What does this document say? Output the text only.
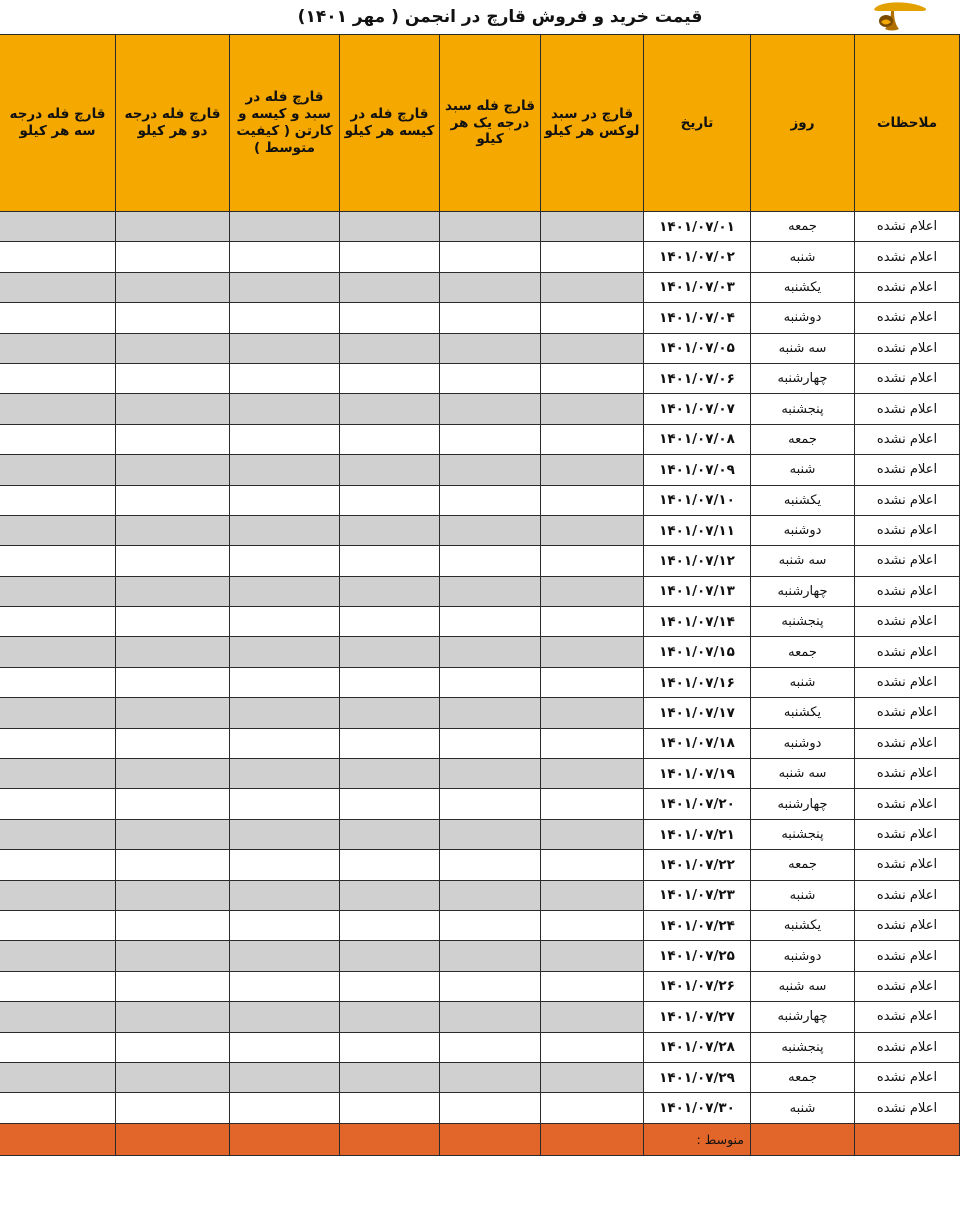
قیمت خرید و فروش قارچ در انجمن ( مهر ۱۴۰۱)
ملاحظات	روز	تاریخ	قارچ در سبد لوکس هر کیلو	قارچ فله سبد درجه یک هر کیلو	قارچ فله در کیسه هر کیلو	قارچ فله در سبد و کیسه و کارتن ( کیفیت متوسط )	قارچ فله درجه دو هر کیلو	قارچ فله درجه سه هر کیلو
اعلام نشده	جمعه	۱۴۰۱/۰۷/۰۱						
اعلام نشده	شنبه	۱۴۰۱/۰۷/۰۲						
اعلام نشده	یکشنبه	۱۴۰۱/۰۷/۰۳						
اعلام نشده	دوشنبه	۱۴۰۱/۰۷/۰۴						
اعلام نشده	سه شنبه	۱۴۰۱/۰۷/۰۵						
اعلام نشده	چهارشنبه	۱۴۰۱/۰۷/۰۶						
اعلام نشده	پنجشنبه	۱۴۰۱/۰۷/۰۷						
اعلام نشده	جمعه	۱۴۰۱/۰۷/۰۸						
اعلام نشده	شنبه	۱۴۰۱/۰۷/۰۹						
اعلام نشده	یکشنبه	۱۴۰۱/۰۷/۱۰						
اعلام نشده	دوشنبه	۱۴۰۱/۰۷/۱۱						
اعلام نشده	سه شنبه	۱۴۰۱/۰۷/۱۲						
اعلام نشده	چهارشنبه	۱۴۰۱/۰۷/۱۳						
اعلام نشده	پنجشنبه	۱۴۰۱/۰۷/۱۴						
اعلام نشده	جمعه	۱۴۰۱/۰۷/۱۵						
اعلام نشده	شنبه	۱۴۰۱/۰۷/۱۶						
اعلام نشده	یکشنبه	۱۴۰۱/۰۷/۱۷						
اعلام نشده	دوشنبه	۱۴۰۱/۰۷/۱۸						
اعلام نشده	سه شنبه	۱۴۰۱/۰۷/۱۹						
اعلام نشده	چهارشنبه	۱۴۰۱/۰۷/۲۰						
اعلام نشده	پنجشنبه	۱۴۰۱/۰۷/۲۱						
اعلام نشده	جمعه	۱۴۰۱/۰۷/۲۲						
اعلام نشده	شنبه	۱۴۰۱/۰۷/۲۳						
اعلام نشده	یکشنبه	۱۴۰۱/۰۷/۲۴						
اعلام نشده	دوشنبه	۱۴۰۱/۰۷/۲۵						
اعلام نشده	سه شنبه	۱۴۰۱/۰۷/۲۶						
اعلام نشده	چهارشنبه	۱۴۰۱/۰۷/۲۷						
اعلام نشده	پنجشنبه	۱۴۰۱/۰۷/۲۸						
اعلام نشده	جمعه	۱۴۰۱/۰۷/۲۹						
اعلام نشده	شنبه	۱۴۰۱/۰۷/۳۰						
		منوسط :						
